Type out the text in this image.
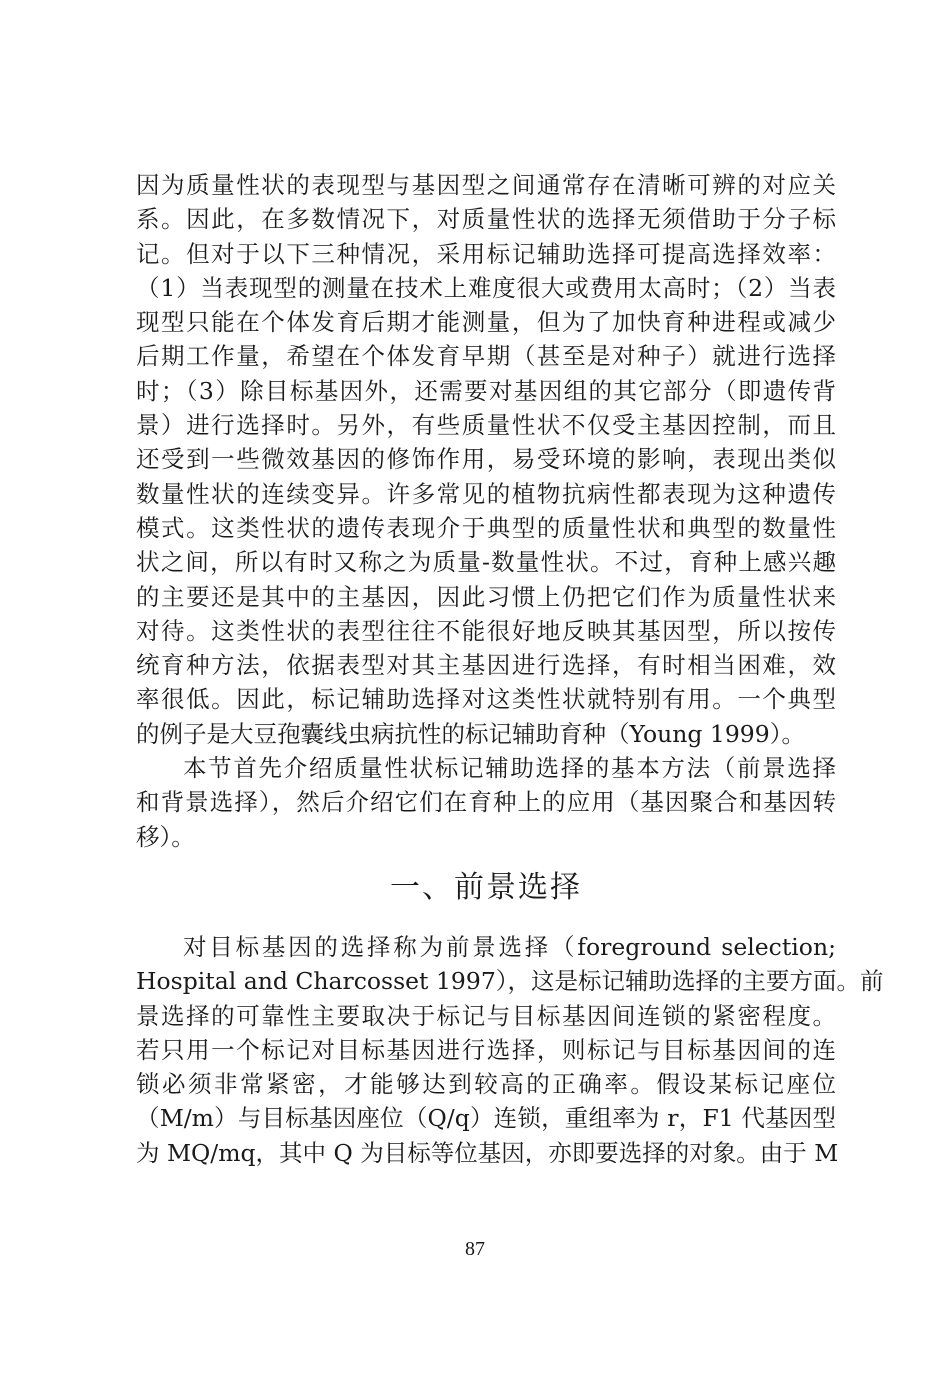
因为质量性状的表现型与基因型之间通常存在清晰可辨的对应关
系。因此，在多数情况下，对质量性状的选择无须借助于分子标
记。但对于以下三种情况，采用标记辅助选择可提高选择效率：
（1）当表现型的测量在技术上难度很大或费用太高时；（2）当表
现型只能在个体发育后期才能测量，但为了加快育种进程或减少
后期工作量，希望在个体发育早期（甚至是对种子）就进行选择
时；（3）除目标基因外，还需要对基因组的其它部分（即遗传背
景）进行选择时。另外，有些质量性状不仅受主基因控制，而且
还受到一些微效基因的修饰作用，易受环境的影响，表现出类似
数量性状的连续变异。许多常见的植物抗病性都表现为这种遗传
模式。这类性状的遗传表现介于典型的质量性状和典型的数量性
状之间，所以有时又称之为质量-数量性状。不过，育种上感兴趣
的主要还是其中的主基因，因此习惯上仍把它们作为质量性状来
对待。这类性状的表型往往不能很好地反映其基因型，所以按传
统育种方法，依据表型对其主基因进行选择，有时相当困难，效
率很低。因此，标记辅助选择对这类性状就特别有用。一个典型
的例子是大豆孢囊线虫病抗性的标记辅助育种（Young 1999）。
本节首先介绍质量性状标记辅助选择的基本方法（前景选择
和背景选择），然后介绍它们在育种上的应用（基因聚合和基因转
移）。
一、前景选择
对目标基因的选择称为前景选择（foreground selection;
Hospital and Charcosset 1997），这是标记辅助选择的主要方面。前
景选择的可靠性主要取决于标记与目标基因间连锁的紧密程度。
若只用一个标记对目标基因进行选择，则标记与目标基因间的连
锁必须非常紧密，才能够达到较高的正确率。假设某标记座位
（M/m）与目标基因座位（Q/q）连锁，重组率为 r，F1 代基因型
为 MQ/mq，其中 Q 为目标等位基因，亦即要选择的对象。由于 M
87
